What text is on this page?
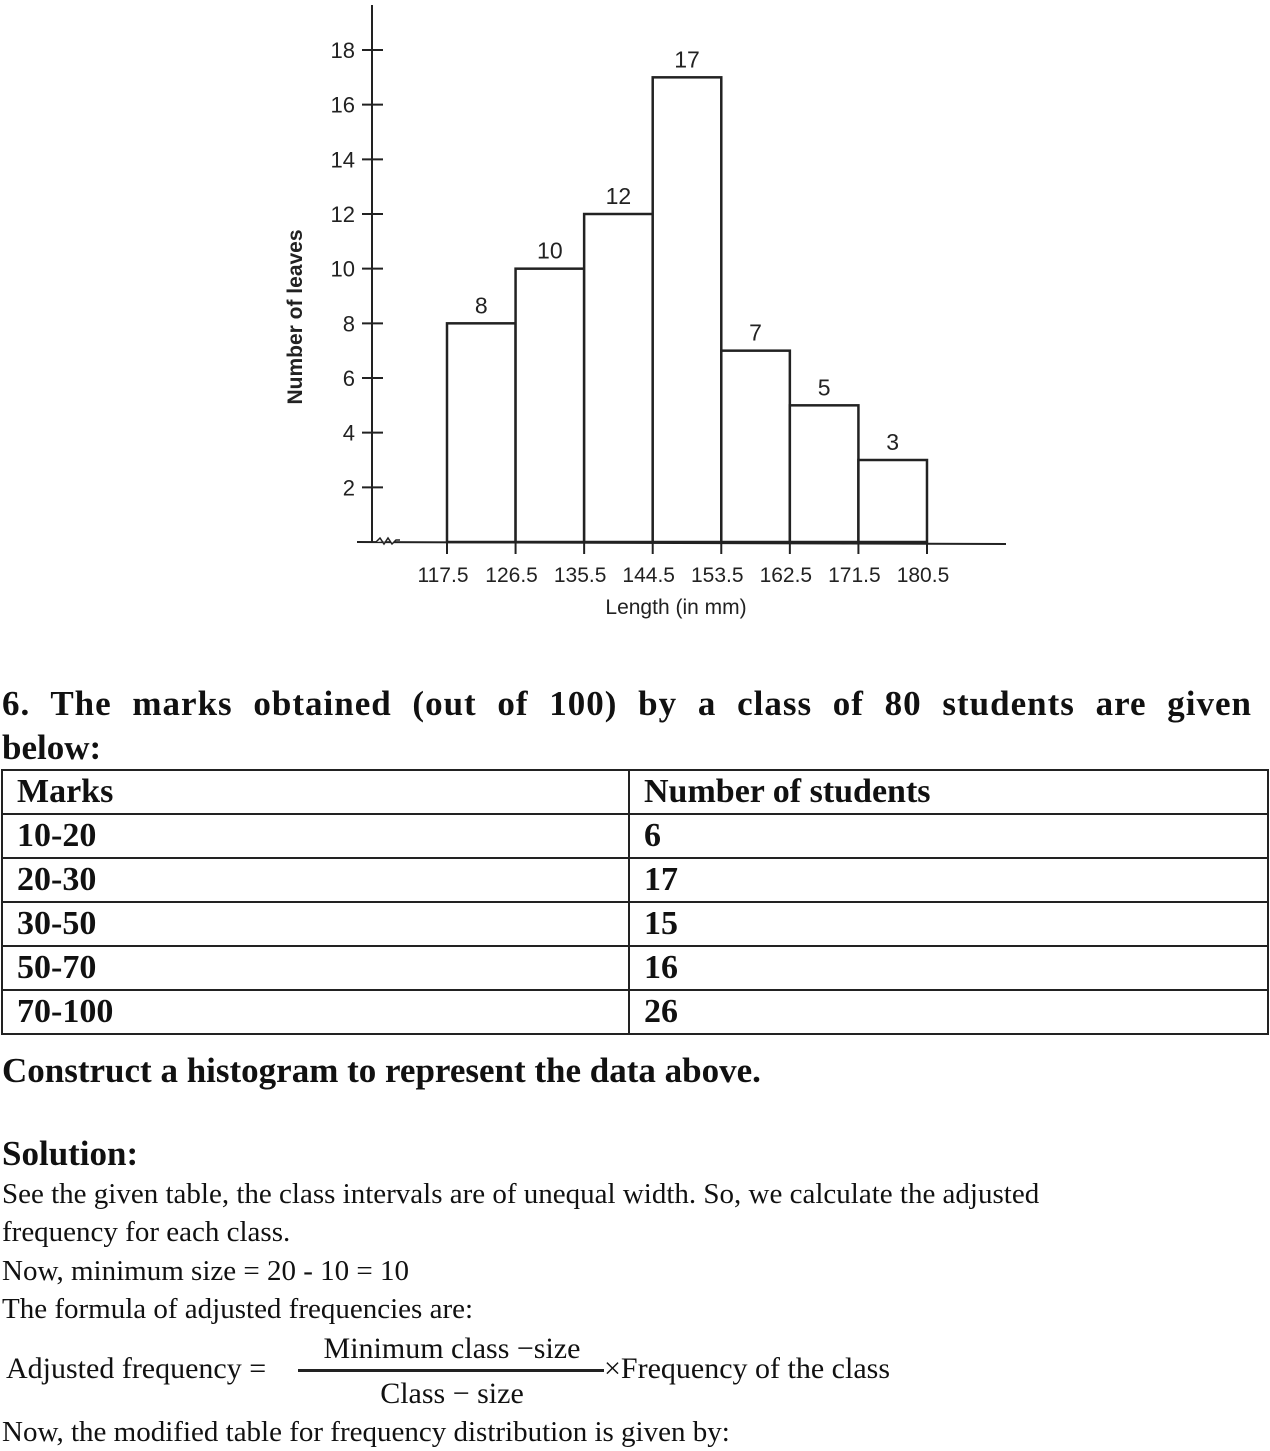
2
4
6
8
10
12
14
16
18
8
10
12
17
7
5
3
117.5 126.5 135.5 144.5 153.5 162.5 171.5 180.5
Number of leaves
Length (in mm)
6. The marks obtained (out of 100) by a class of 80 students are given
below:
Marks	Number of students
10-20	6
20-30	17
30-50	15
50-70	16
70-100	26
Construct a histogram to represent the data above.
Solution:
See the given table, the class intervals are of unequal width. So, we calculate the adjusted
frequency for each class.
Now, minimum size = 20 - 10 = 10
The formula of adjusted frequencies are:
Adjusted frequency =
Minimum class −size
Class − size
×Frequency of the class
Now, the modified table for frequency distribution is given by:
